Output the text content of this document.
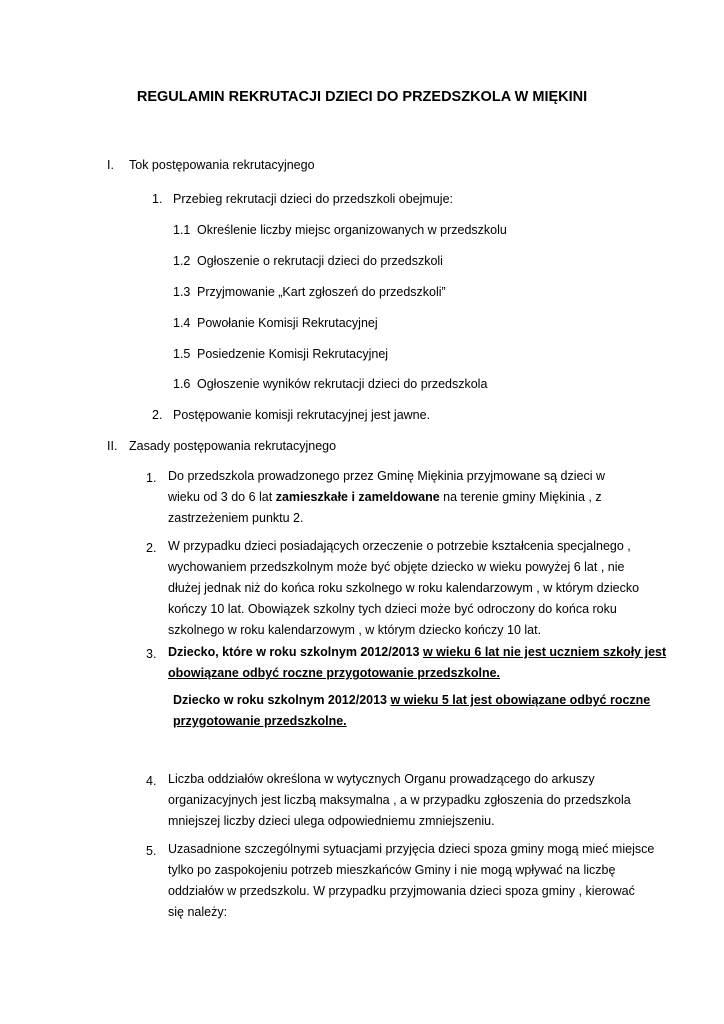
REGULAMIN REKRUTACJI DZIECI DO PRZEDSZKOLA W MIĘKINI
I. Tok postępowania rekrutacyjnego
1. Przebieg rekrutacji dzieci do przedszkoli obejmuje:
1.1 Określenie liczby miejsc organizowanych w przedszkolu
1.2 Ogłoszenie o rekrutacji dzieci do przedszkoli
1.3 Przyjmowanie „Kart zgłoszeń do przedszkoli”
1.4 Powołanie Komisji Rekrutacyjnej
1.5 Posiedzenie Komisji Rekrutacyjnej
1.6 Ogłoszenie wyników rekrutacji dzieci do przedszkola
2. Postępowanie komisji rekrutacyjnej jest jawne.
II. Zasady postępowania rekrutacyjnego
1. Do przedszkola prowadzonego przez Gminę Miękinia przyjmowane są dzieci w
wieku od 3 do 6 lat zamieszkałe i zameldowane na terenie gminy Miękinia , z
zastrzeżeniem punktu 2.
2. W przypadku dzieci posiadających orzeczenie o potrzebie kształcenia specjalnego ,
wychowaniem przedszkolnym może być objęte dziecko w wieku powyżej 6 lat , nie
dłużej jednak niż do końca roku szkolnego w roku kalendarzowym , w którym dziecko
kończy 10 lat. Obowiązek szkolny tych dzieci może być odroczony do końca roku
szkolnego w roku kalendarzowym , w którym dziecko kończy 10 lat.
3. Dziecko, które w roku szkolnym 2012/2013 w wieku 6 lat nie jest uczniem szkoły jest
obowiązane odbyć roczne przygotowanie przedszkolne.
Dziecko w roku szkolnym 2012/2013 w wieku 5 lat jest obowiązane odbyć roczne
przygotowanie przedszkolne.
4. Liczba oddziałów określona w wytycznych Organu prowadzącego do arkuszy
organizacyjnych jest liczbą maksymalna , a w przypadku zgłoszenia do przedszkola
mniejszej liczby dzieci ulega odpowiedniemu zmniejszeniu.
5. Uzasadnione szczególnymi sytuacjami przyjęcia dzieci spoza gminy mogą mieć miejsce
tylko po zaspokojeniu potrzeb mieszkańców Gminy i nie mogą wpływać na liczbę
oddziałów w przedszkolu. W przypadku przyjmowania dzieci spoza gminy , kierować
się należy:
